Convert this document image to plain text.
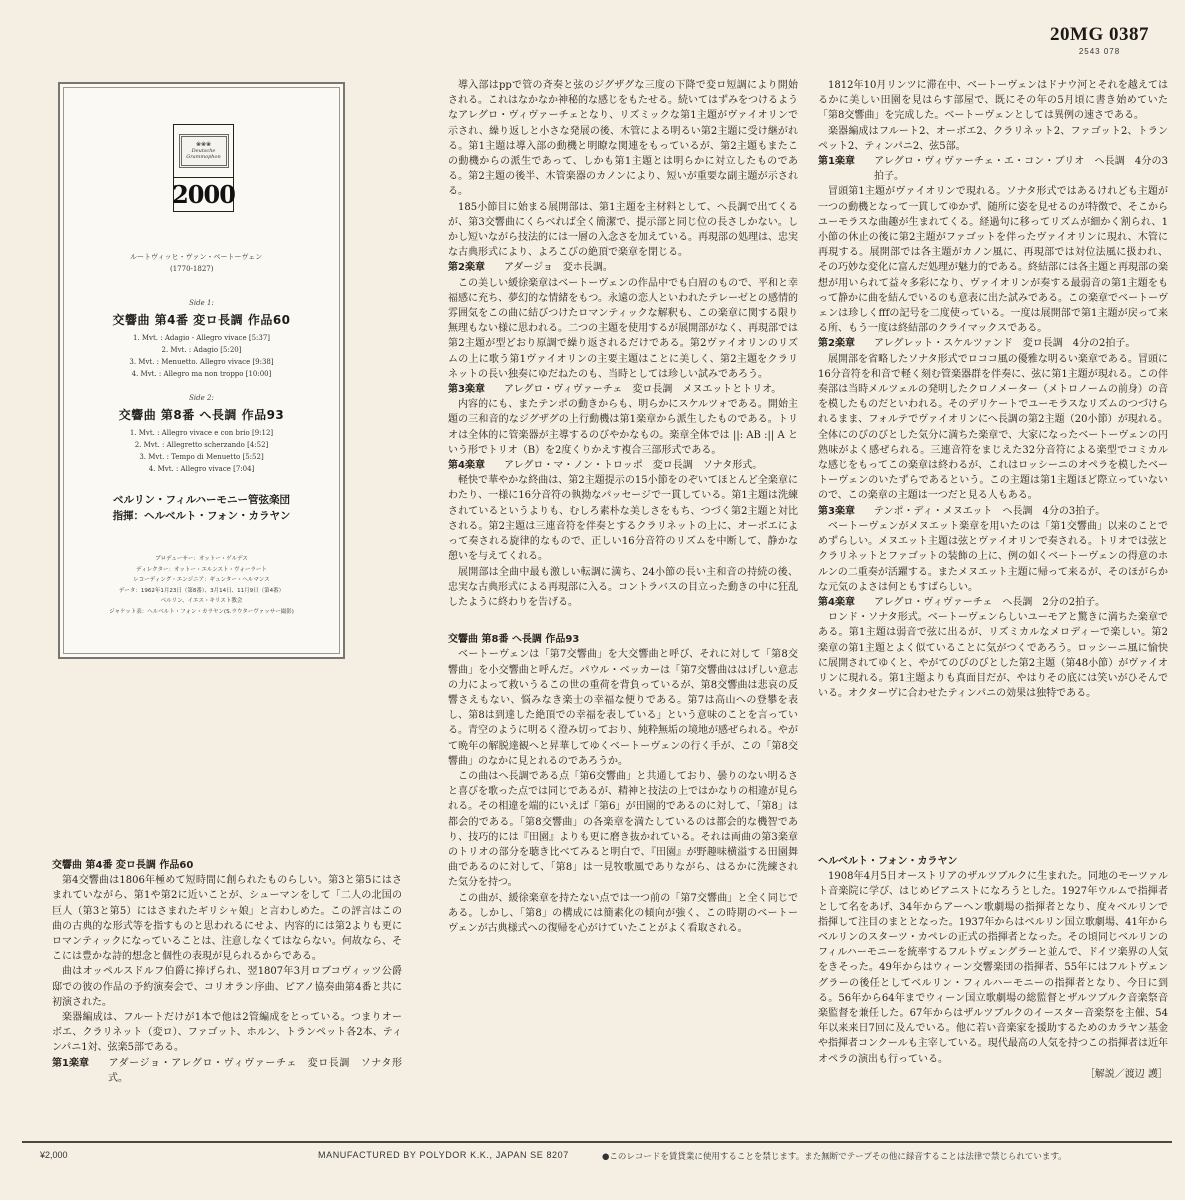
20MG 0387
2543 078
❀❀❀
Deutsche Grammophon
2000
ルートヴィッヒ・ヴァン・ベートーヴェン
(1770-1827)
Side 1:
交響曲 第4番 変ロ長調 作品60
1. Mvt. : Adagio - Allegro vivace [5:37]
2. Mvt. : Adagio [5:20]
3. Mvt. : Menuetto. Allegro vivace [9:38]
4. Mvt. : Allegro ma non troppo [10:00]
Side 2:
交響曲 第8番 へ長調 作品93
1. Mvt. : Allegro vivace e con brio [9:12]
2. Mvt. : Allegretto scherzando [4:52]
3. Mvt. : Tempo di Menuetto [5:52]
4. Mvt. : Allegro vivace [7:04]
ベルリン・フィルハーモニー管弦楽団
指揮：ヘルベルト・フォン・カラヤン
プロデューサー：オットー・ゲルデス
ディレクター：オットー・エルンスト・ヴォーラート
レコーディング・エンジニア：ギュンター・ヘルマンス
データ：1962年1月23日（第8番）、3月14日、11月9日（第4番）
ベルリン、イエス・キリスト教会
ジャケット表：ヘルベルト・フォン・カラヤン(S.ラウターヴァッサー撮影)
交響曲 第4番 変ロ長調 作品60

第4交響曲は1806年極めて短時間に創られたものらしい。第3と第5にはさまれていながら、第1や第2に近いことが、シューマンをして「二人の北国の巨人（第3と第5）にはさまれたギリシャ娘」と言わしめた。この評言はこの曲の古典的な形式等を指すものと思われるにせよ、内容的には第2よりも更にロマンティックになっていることは、注意しなくてはならない。何故なら、そこには豊かな詩的想念と個性の表現が見られるからである。

曲はオッペルスドルフ伯爵に捧げられ、翌1807年3月ロブコヴィッツ公爵邸での彼の作品の予約演奏会で、コリオラン序曲、ピアノ協奏曲第4番と共に初演された。

楽器編成は、フルートだけが1本で他は2管編成をとっている。つまりオーボエ、クラリネット（変ロ）、ファゴット、ホルン、トランペット各2本、ティンパニ1対、弦楽5部である。

第1楽章 アダージョ・アレグロ・ヴィヴァーチェ　変ロ長調　ソナタ形式。

導入部はppで管の斉奏と弦のジグザグな三度の下降で変ロ短調により開始される。これはなかなか神秘的な感じをもたせる。続いてはずみをつけるようなアレグロ・ヴィヴァーチェとなり、リズミックな第1主題がヴァイオリンで示され、繰り返しと小さな発展の後、木管による明るい第2主題に受け継がれる。第1主題は導入部の動機と明瞭な関連をもっているが、第2主題もまたこの動機からの派生であって、しかも第1主題とは明らかに対立したものである。第2主題の後半、木管楽器のカノンにより、短いが重要な副主題が示される。

185小節目に始まる展開部は、第1主題を主材料として、へ長調で出てくるが、第3交響曲にくらべれば全く簡潔で、提示部と同じ位の長さしかない。しかし短いながら技法的には一層の入念さを加えている。再現部の処理は、忠実な古典形式により、よろこびの絶頂で楽章を閉じる。

第2楽章 アダージョ　変ホ長調。

この美しい緩徐楽章はベートーヴェンの作品中でも白眉のもので、平和と幸福感に充ち、夢幻的な情緒をもつ。永遠の恋人といわれたテレーゼとの感情的雰囲気をこの曲に結びつけたロマンティックな解釈も、この楽章に関する限り無理もない様に思われる。二つの主題を使用するが展開部がなく、再現部では第2主題が型どおり原調で繰り返されるだけである。第2ヴァイオリンのリズムの上に歌う第1ヴァイオリンの主要主題はことに美しく、第2主題をクラリネットの長い独奏にゆだねたのも、当時としては珍しい試みであろう。

第3楽章 アレグロ・ヴィヴァーチェ　変ロ長調　メヌエットとトリオ。

内容的にも、またテンポの動きからも、明らかにスケルツォである。開始主題の三和音的なジグザグの上行動機は第1楽章から派生したものである。トリオは全体的に管楽器が主導するのびやかなもの。楽章全体では ||: AB :|| A という形でトリオ（B）を2度くりかえす複合三部形式である。

第4楽章 アレグロ・マ・ノン・トロッポ　変ロ長調　ソナタ形式。

軽快で華やかな終曲は、第2主題提示の15小節をのぞいてほとんど全楽章にわたり、一様に16分音符の執拗なパッセージで一貫している。第1主題は洗練されているというよりも、むしろ素朴な美しさをもち、つづく第2主題と対比される。第2主題は三連音符を伴奏とするクラリネットの上に、オーボエによって奏される旋律的なもので、正しい16分音符のリズムを中断して、静かな憩いを与えてくれる。

展開部は全曲中最も激しい転調に満ち、24小節の長い主和音の持続の後、忠実な古典形式による再現部に入る。コントラバスの目立った動きの中に狂乱したように終わりを告げる。

交響曲 第8番 へ長調 作品93

ベートーヴェンは「第7交響曲」を大交響曲と呼び、それに対して「第8交響曲」を小交響曲と呼んだ。パウル・ベッカーは「第7交響曲ははげしい意志の力によって救いうるこの世の重荷を背負っているが、第8交響曲は悲哀の反響さえもない、悩みなき楽士の幸福な便りである。第7は高山への登攀を表し、第8は到達した絶頂での幸福を表している」という意味のことを言っている。青空のように明るく澄み切っており、純粋無垢の境地が感ぜられる。やがて晩年の解脱達観へと昇華してゆくベートーヴェンの行く手が、この「第8交響曲」のなかに見とれるのであろうか。

この曲はへ長調である点「第6交響曲」と共通しており、曇りのない明るさと喜びを歌った点では同じであるが、精神と技法の上ではかなりの相違が見られる。その相違を端的にいえば「第6」が田園的であるのに対して、「第8」は都会的である。「第8交響曲」の各楽章を満たしているのは都会的な機智であり、技巧的には『田園』よりも更に磨き抜かれている。それは両曲の第3楽章のトリオの部分を聴き比べてみると明白で、『田園』が野趣味横溢する田園舞曲であるのに対して、「第8」は一見牧歌風でありながら、はるかに洗練された気分を持つ。

この曲が、緩徐楽章を持たない点では一つ前の「第7交響曲」と全く同じである。しかし、「第8」の構成には簡素化の傾向が強く、この時期のベートーヴェンが古典様式への復帰を心がけていたことがよく看取される。

1812年10月リンツに滞在中、ベートーヴェンはドナウ河とそれを越えてはるかに美しい田園を見はらす部屋で、既にその年の5月頃に書き始めていた「第8交響曲」を完成した。ベートーヴェンとしては異例の速さである。

楽器編成はフルート2、オーボエ2、クラリネット2、ファゴット2、トランペット2、ティンパニ2、弦5部。

第1楽章 アレグロ・ヴィヴァーチェ・エ・コン・ブリオ　へ長調　4分の3拍子。

冒頭第1主題がヴァイオリンで現れる。ソナタ形式ではあるけれども主題が一つの動機となって一貫してゆかず、随所に姿を見せるのが特徴で、そこからユーモラスな曲趣が生まれてくる。経過句に移ってリズムが細かく割られ、1小節の休止の後に第2主題がファゴットを伴ったヴァイオリンに現れ、木管に再現する。展開部では各主題がカノン風に、再現部では対位法風に扱われ、その巧妙な変化に富んだ処理が魅力的である。終結部には各主題と再現部の楽想が用いられて益々多彩になり、ヴァイオリンが奏する最弱音の第1主題をもって静かに曲を結んでいるのも意表に出た試みである。この楽章でベートーヴェンは珍しくfffの記号を二度使っている。一度は展開部で第1主題が戻って来る所、もう一度は終結部のクライマックスである。

第2楽章 アレグレット・スケルツァンド　変ロ長調　4分の2拍子。

展開部を省略したソナタ形式でロココ風の優雅な明るい楽章である。冒頭に16分音符を和音で軽く刻む管楽器群を伴奏に、弦に第1主題が現れる。この伴奏部は当時メルツェルの発明したクロノメーター（メトロノームの前身）の音を模したものだといわれる。そのデリケートでユーモラスなリズムのつづけられるまま、フォルテでヴァイオリンにへ長調の第2主題（20小節）が現れる。全体にのびのびとした気分に満ちた楽章で、大家になったベートーヴェンの円熟味がよく感ぜられる。三連音符をまじえた32分音符による楽型でコミカルな感じをもってこの楽章は終わるが、これはロッシーニのオペラを模したベートーヴェンのいたずらであるという。この主題は第1主題ほど際立っていないので、この楽章の主題は一つだと見る人もある。

第3楽章 テンポ・ディ・メヌエット　へ長調　4分の3拍子。

ベートーヴェンがメヌエット楽章を用いたのは「第1交響曲」以来のことでめずらしい。メヌエット主題は弦とヴァイオリンで奏される。トリオでは弦とクラリネットとファゴットの装飾の上に、例の如くベートーヴェンの得意のホルンの二重奏が活躍する。またメヌエット主題に帰って来るが、そのほがらかな元気のよさは何ともすばらしい。

第4楽章 アレグロ・ヴィヴァーチェ　へ長調　2分の2拍子。

ロンド・ソナタ形式。ベートーヴェンらしいユーモアと驚きに満ちた楽章である。第1主題は弱音で弦に出るが、リズミカルなメロディーで楽しい。第2楽章の第1主題とよく似ていることに気がつくであろう。ロッシーニ風に愉快に展開されてゆくと、やがてのびのびとした第2主題（第48小節）がヴァイオリンに現れる。第1主題よりも真面目だが、やはりその底には笑いがひそんでいる。オクターヴに合わせたティンパニの効果は独特である。

ヘルベルト・フォン・カラヤン

1908年4月5日オーストリアのザルツブルクに生まれた。同地のモーツァルト音楽院に学び、はじめピアニストになろうとした。1927年ウルムで指揮者として名をあげ、34年からアーヘン歌劇場の指揮者となり、度々ベルリンで指揮して注目のまととなった。1937年からはベルリン国立歌劇場、41年からベルリンのスターツ・カペレの正式の指揮者となった。その頃同じベルリンのフィルハーモニーを統率するフルトヴェングラーと並んで、ドイツ楽界の人気をきそった。49年からはウィーン交響楽団の指揮者、55年にはフルトヴェングラーの後任としてベルリン・フィルハーモニーの指揮者となり、今日に到る。56年から64年までウィーン国立歌劇場の総監督とザルツブルク音楽祭音楽監督を兼任した。67年からはザルツブルクのイースター音楽祭を主催、54年以来来日7回に及んでいる。他に若い音楽家を援助するためのカラヤン基金や指揮者コンクールも主宰している。現代最高の人気を持つこの指揮者は近年オペラの演出も行っている。

［解説／渡辺 護］

¥2,000	MANUFACTURED BY POLYDOR K.K., JAPAN SE 8207	●このレコードを賃貸業に使用することを禁じます。また無断でテープその他に録音することは法律で禁じられています。
